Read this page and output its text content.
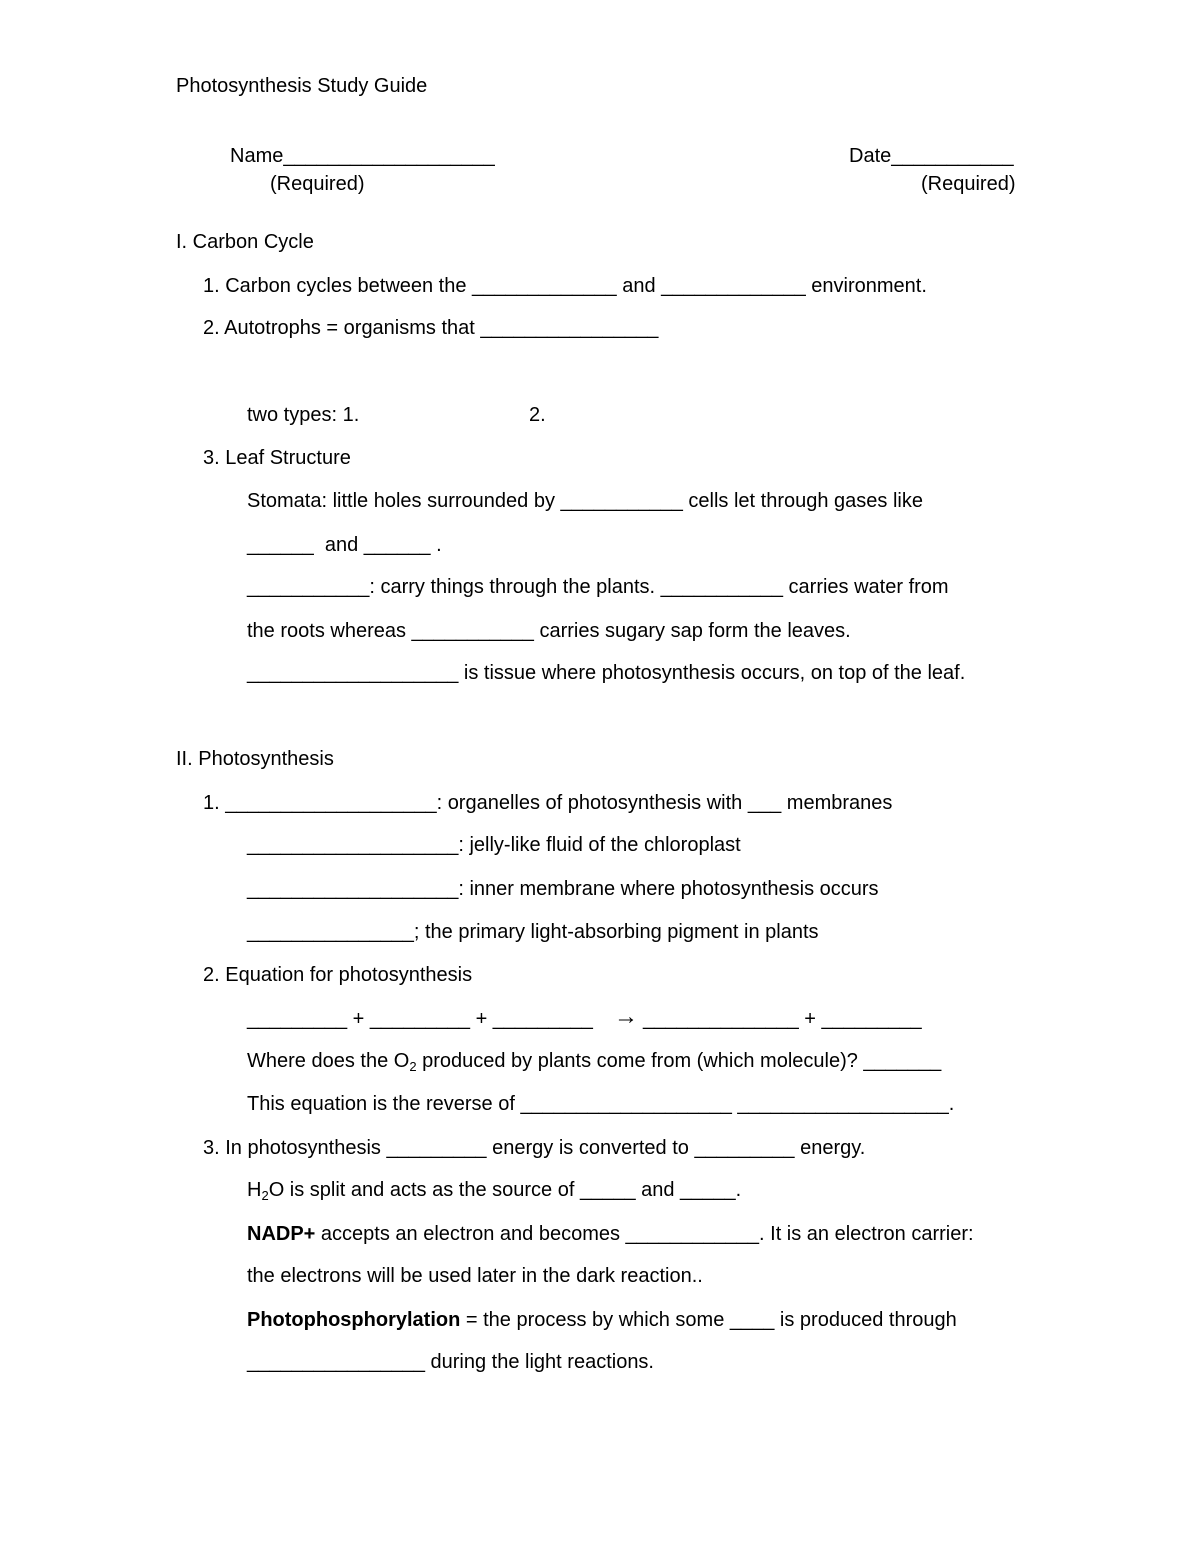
Photosynthesis Study Guide
Name___________________
(Required)
Date___________
(Required)
I. Carbon Cycle
1. Carbon cycles between the _____________ and _____________ environment.
2. Autotrophs = organisms that ________________
two types: 1.	2.
3. Leaf Structure
Stomata: little holes surrounded by ___________ cells let through gases like
______  and ______ .
___________: carry things through the plants. ___________ carries water from
the roots whereas ___________ carries sugary sap form the leaves.
___________________ is tissue where photosynthesis occurs, on top of the leaf.
II. Photosynthesis
1. ___________________: organelles of photosynthesis with ___ membranes
___________________: jelly-like fluid of the chloroplast
___________________: inner membrane where photosynthesis occurs
_______________; the primary light-absorbing pigment in plants
2. Equation for photosynthesis
_________ + _________ + _________ → ______________ + _________
Where does the $O_2$ produced by plants come from (which molecule)? _______
This equation is the reverse of ___________________ ___________________.
3. In photosynthesis _________ energy is converted to _________ energy.
$H_2O$ is split and acts as the source of _____ and _____.
NADP+ accepts an electron and becomes ____________. It is an electron carrier:
the electrons will be used later in the dark reaction..
Photophosphorylation = the process by which some ____ is produced through
________________ during the light reactions.
